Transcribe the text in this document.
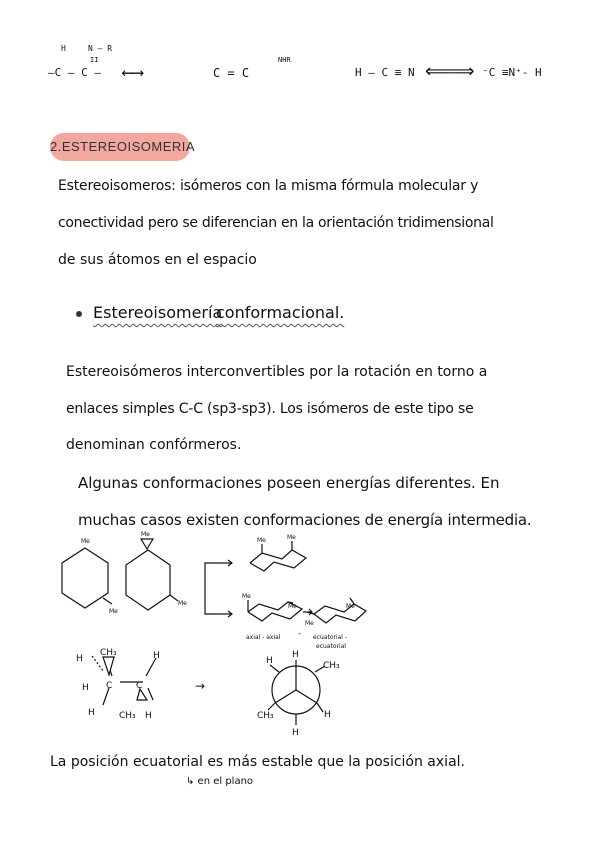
H	N – R
II
–C – C – ⟵⟶	C = C
NHR
H – C ≡ N ⟸⟹ ⁻C ≡N⁺- H
2.ESTEREOISOMERIA
Estereoisomeros: isómeros con la misma fórmula molecular y
conectividad pero se diferencian en la orientación tridimensional
de sus átomos en el espacio
Estereoisomería
conformacional.
Estereoisómeros interconvertibles por la rotación en torno a
enlaces simples C-C (sp3-sp3). Los isómeros de este tipo se
denominan confórmeros.
Algunas conformaciones poseen energías diferentes. En
muchas casos existen conformaciones de energía intermedia.
Me
Me
Me
Me
Me	Me
Me
Me
Me
Me
axial - axial - ecuatorial -
ecuatorial
CH₃
H	H
H C	C
H	CH₃ H
→
H
H	CH₃
CH₃	H
H
La posición ecuatorial es más estable que la posición axial.
↳ en el plano
